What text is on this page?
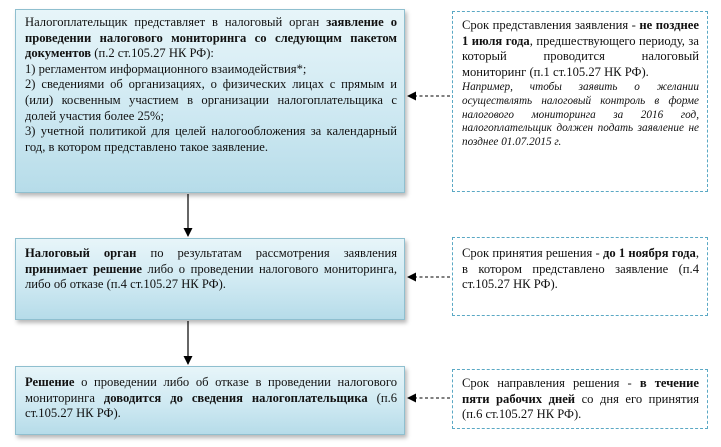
Налогоплательщик представляет в налоговый орган заявление о проведении налогового мониторинга со следующим пакетом документов (п.2 ст.105.27 НК РФ):
1) регламентом информационного взаимодействия*;
2) сведениями об организациях, о физических лицах с прямым и (или) косвенным участием в организации налогоплательщика с долей участия более 25%;
3) учетной политикой для целей налогообложения за календарный год, в котором представлено такое заявление.
Налоговый орган по результатам рассмотрения заявления принимает решение либо о проведении налогового мониторинга, либо об отказе (п.4 ст.105.27 НК РФ).
Решение о проведении либо об отказе в проведении налогового мониторинга доводится до сведения налогоплательщика (п.6 ст.105.27 НК РФ).
Срок представления заявления - не позднее 1 июля года, предшествующего периоду, за который проводится налоговый мониторинг (п.1 ст.105.27 НК РФ).
Например, чтобы заявить о желании осуществлять налоговый контроль в форме налогового мониторинга за 2016 год, налогоплательщик должен подать заявление не позднее 01.07.2015 г.
Срок принятия решения - до 1 ноября года, в котором представлено заявление (п.4 ст.105.27 НК РФ).
Срок направления решения - в течение пяти рабочих дней со дня его принятия (п.6 ст.105.27 НК РФ).
